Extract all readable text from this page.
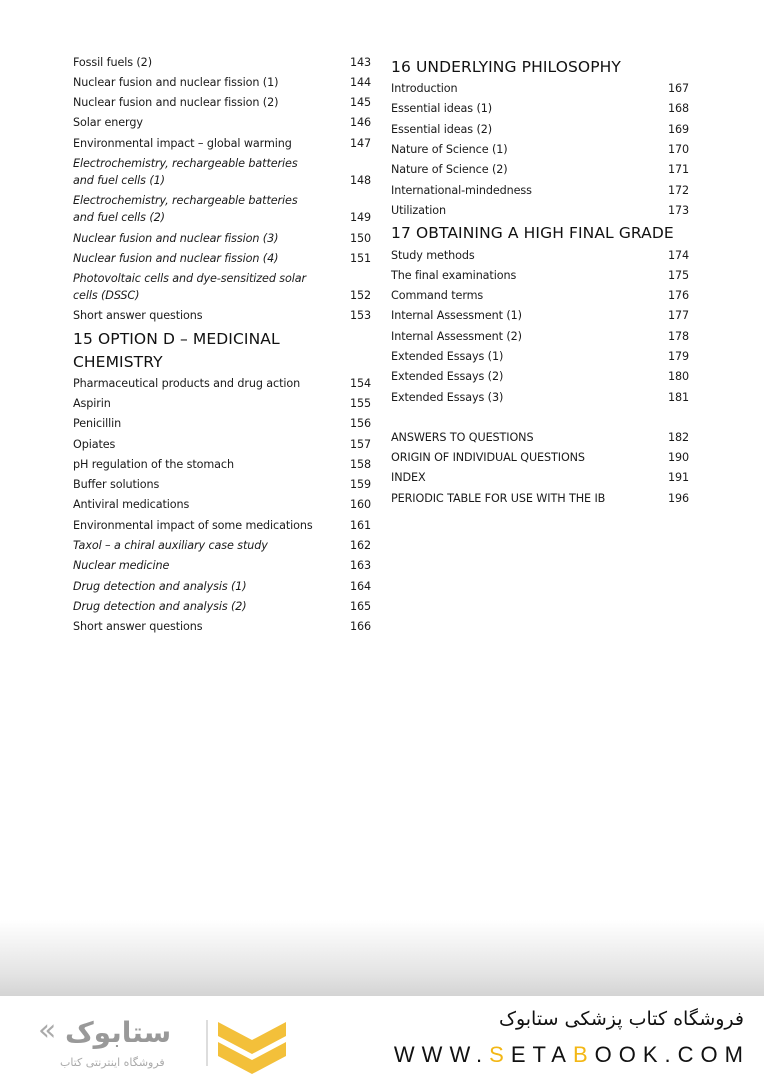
Fossil fuels (2)	143
Nuclear fusion and nuclear fission (1)	144
Nuclear fusion and nuclear fission (2)	145
Solar energy	146
Environmental impact – global warming	147
Electrochemistry, rechargeable batteries and fuel cells (1)	148
Electrochemistry, rechargeable batteries and fuel cells (2)	149
Nuclear fusion and nuclear fission (3)	150
Nuclear fusion and nuclear fission (4)	151
Photovoltaic cells and dye-sensitized solar cells (DSSC)	152
Short answer questions	153
15 OPTION D – MEDICINAL CHEMISTRY
Pharmaceutical products and drug action	154
Aspirin	155
Penicillin	156
Opiates	157
pH regulation of the stomach	158
Buffer solutions	159
Antiviral medications	160
Environmental impact of some medications	161
Taxol – a chiral auxiliary case study	162
Nuclear medicine	163
Drug detection and analysis (1)	164
Drug detection and analysis (2)	165
Short answer questions	166
16 UNDERLYING PHILOSOPHY
Introduction	167
Essential ideas (1)	168
Essential ideas (2)	169
Nature of Science (1)	170
Nature of Science (2)	171
International-mindedness	172
Utilization	173
17 OBTAINING A HIGH FINAL GRADE
Study methods	174
The final examinations	175
Command terms	176
Internal Assessment (1)	177
Internal Assessment (2)	178
Extended Essays (1)	179
Extended Essays (2)	180
Extended Essays (3)	181
ANSWERS TO QUESTIONS	182
ORIGIN OF INDIVIDUAL QUESTIONS	190
INDEX	191
PERIODIC TABLE FOR USE WITH THE IB	196
« ستابوک
فروشگاه اینترنتی کتاب
فروشگاه کتاب پزشکی ستابوک
WWW.SETABOOK.COM
